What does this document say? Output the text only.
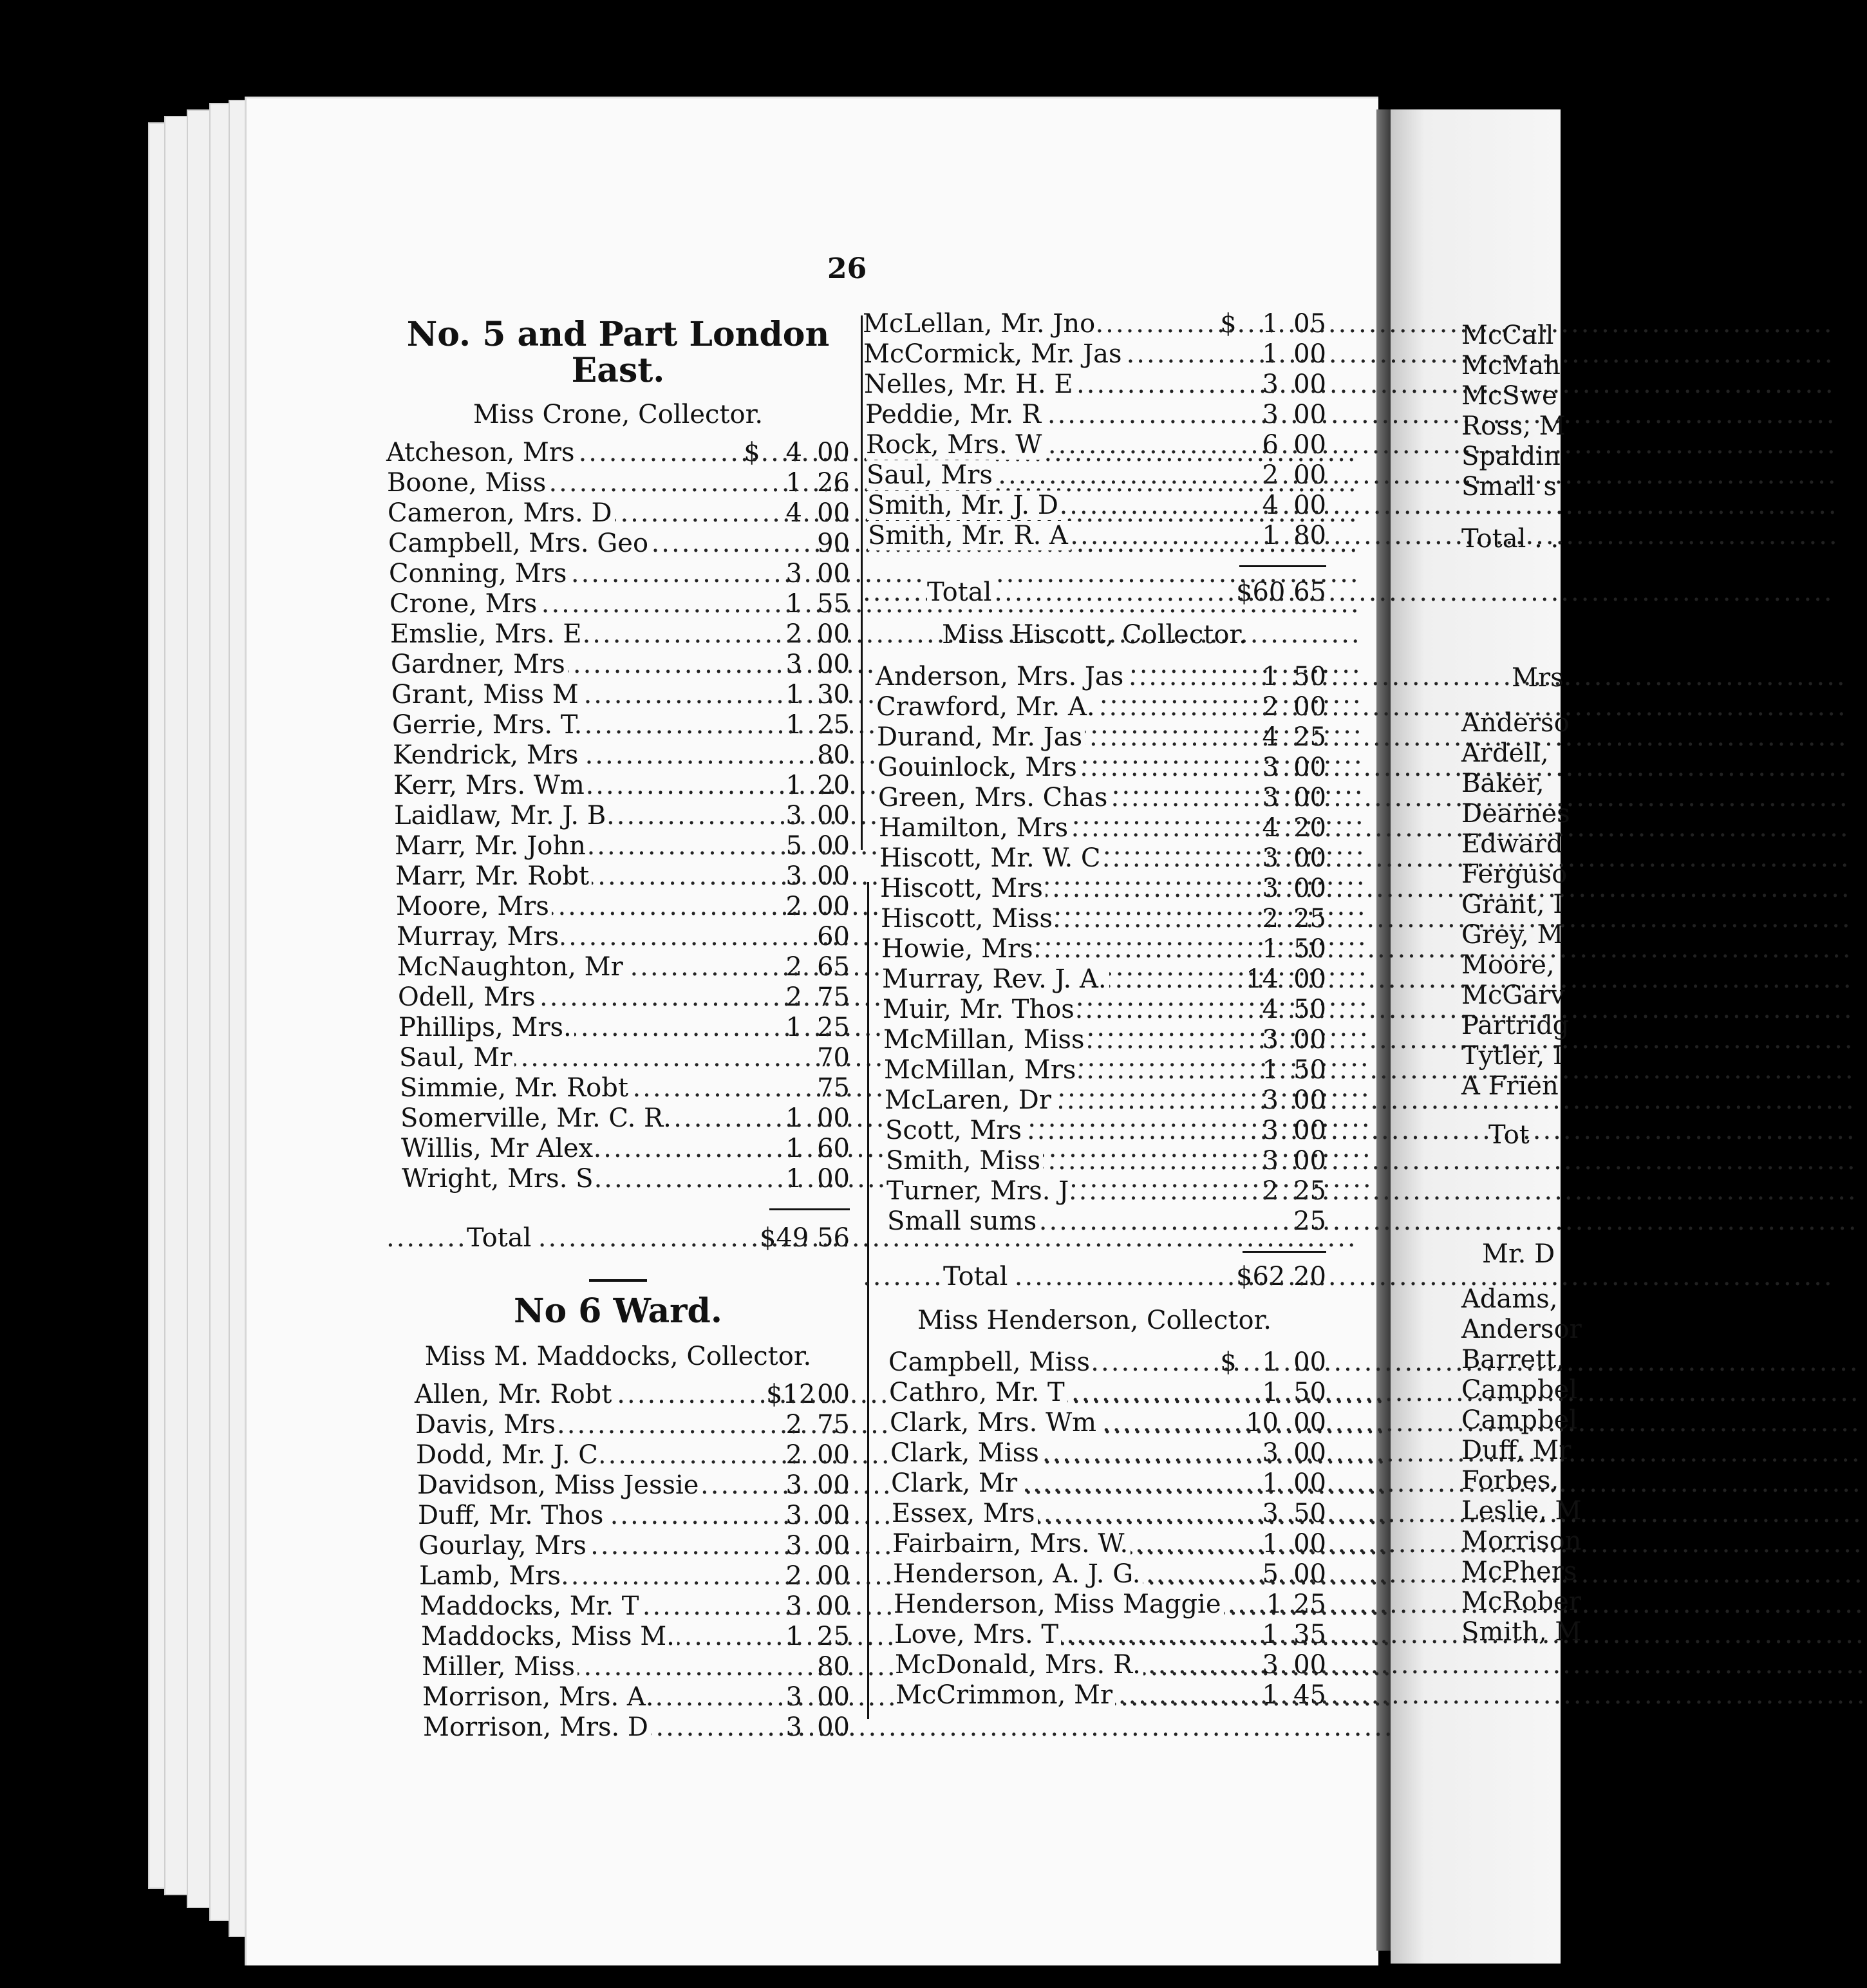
26
No. 5 and Part London East.
Miss Crone, Collector.
Atcheson, Mrs .....	$ 4 00
Boone, Miss .....	1 26
Cameron, Mrs. D .....	4 00
Campbell, Mrs. Geo .....	90
Conning, Mrs .....	3 00
Crone, Mrs .....	1 55
Emslie, Mrs. E .....	2 00
Gardner, Mrs .....	3 00
Grant, Miss M .....	1 30
Gerrie, Mrs. T. .....	1 25
Kendrick, Mrs .....	80
Kerr, Mrs. Wm .....	1 20
Laidlaw, Mr. J. B .....	3 00
Marr, Mr. John .....	5 00
Marr, Mr. Robt .....	3 00
Moore, Mrs .....	2 00
Murray, Mrs .....	60
McNaughton, Mr .....	2 65
Odell, Mrs .....	2 75
Phillips, Mrs. .....	1 25
Saul, Mr .....	70
Simmie, Mr. Robt .....	75
Somerville, Mr. C. R. .....	1 00
Willis, Mr Alex .....	1 60
Wright, Mrs. S .....	1 00
Total .....	$49 56
No 6 Ward.
Miss M. Maddocks, Collector.
Allen, Mr. Robt .....	$12 00
Davis, Mrs .....	2 75
Dodd, Mr. J. C .....	2 00
Davidson, Miss Jessie .....	3 00
Duff, Mr. Thos .....	3 00
Gourlay, Mrs .....	3 00
Lamb, Mrs .....	2 00
Maddocks, Mr. T .....	3 00
Maddocks, Miss M. .....	1 25
Miller, Miss .....	80
Morrison, Mrs. A. .....	3 00
Morrison, Mrs. D .....	3 00
McLellan, Mr. Jno .....	$ 1 05
McCormick, Mr. Jas .....	1 00
Nelles, Mr. H. E .....	3 00
Peddie, Mr. R .....	3 00
Rock, Mrs. W .....	6 00
Saul, Mrs .....	2 00
Smith, Mr. J. D .....	4 00
Smith, Mr. R. A .....	1 80
Total .....	$60 65
Miss Hiscott, Collector.
Anderson, Mrs. Jas .....	1 50
Crawford, Mr. A. .....	2 00
Durand, Mr. Jas .....	4 25
Gouinlock, Mrs .....	3 00
Green, Mrs. Chas .....	3 00
Hamilton, Mrs .....	4 20
Hiscott, Mr. W. C .....	3 00
Hiscott, Mrs .....	3 00
Hiscott, Miss .....	2 25
Howie, Mrs .....	1 50
Murray, Rev. J. A. .....	14 00
Muir, Mr. Thos .....	4 50
McMillan, Miss .....	3 00
McMillan, Mrs .....	1 50
McLaren, Dr .....	3 00
Scott, Mrs .....	3 00
Smith, Miss .....	3 00
Turner, Mrs. J .....	2 25
Small sums .....	25
Total .....	$62 20
Miss Henderson, Collector.
Campbell, Miss .....	$ 1 00
Cathro, Mr. T .....	1 50
Clark, Mrs. Wm .....	10 00
Clark, Miss .....	3 00
Clark, Mr .....	1 00
Essex, Mrs .....	3 50
Fairbairn, Mrs. W. .....	1 00
Henderson, A. J. G. .....	5 00
Henderson, Miss Maggie .....	1 25
Love, Mrs. T .....	1 35
McDonald, Mrs. R. .....	3 00
McCrimmon, Mr .....	1 45
McCall
McMah
McSwe
Ross, M
Spaldin
Small s
Total . .
Mrs
Anderso
Ardell,
Baker,
Dearnes
Edward
Ferguso
Grant, I
Grey, M
Moore,
McGarv
Partridg
Tytler, I
A Frien
Tot
Mr. D
Adams,
Andersor
Barrett,
Campbel
Campbel
Duff, Mr
Forbes,
Leslie, M
Morrison
McPhers
McRober
Smith, M
